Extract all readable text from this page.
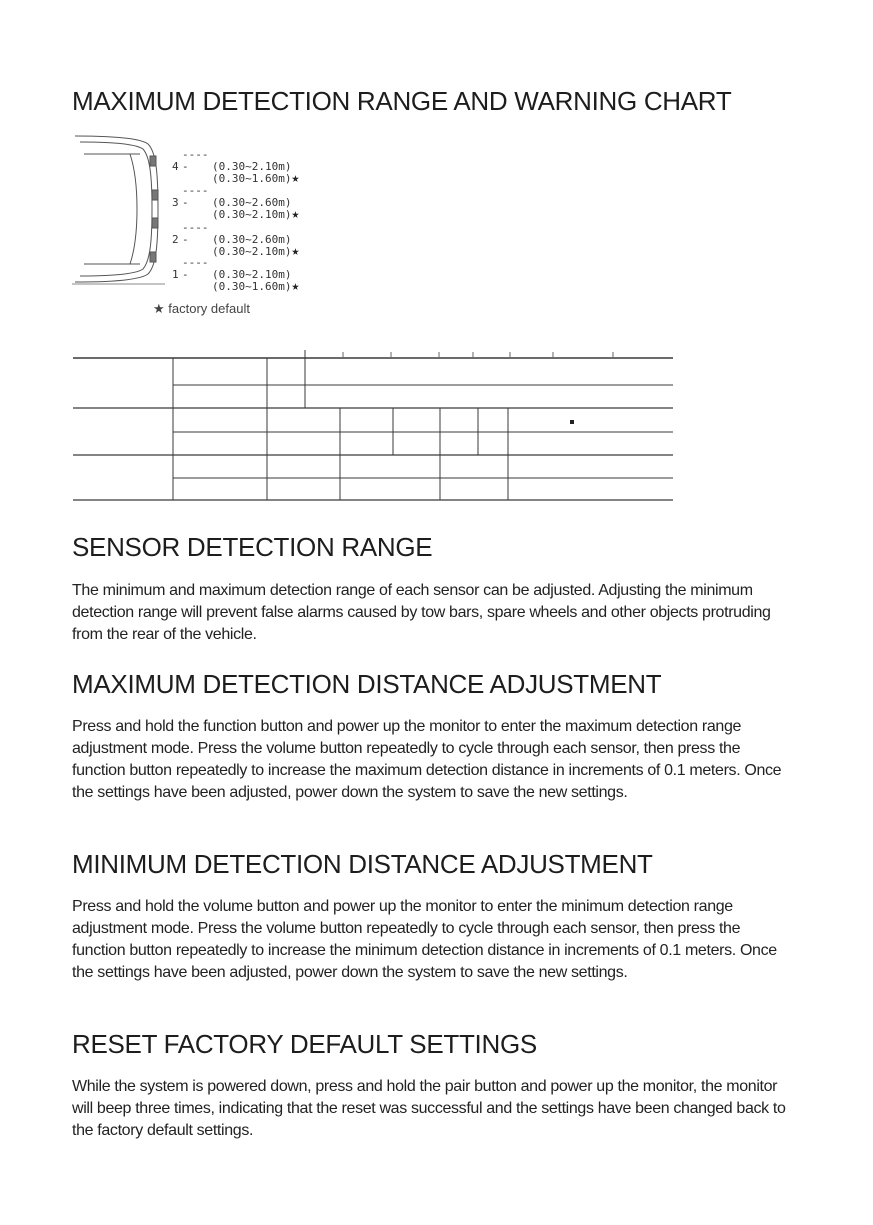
MAXIMUM DETECTION RANGE AND WARNING CHART
4----- (0.30~2.10m)
(0.30~1.60m)★
3----- (0.30~2.60m)
(0.30~2.10m)★
2----- (0.30~2.60m)
(0.30~2.10m)★
1----- (0.30~2.10m)
(0.30~1.60m)★
★ factory default
SENSOR DETECTION RANGE

The minimum and maximum detection range of each sensor can be adjusted. Adjusting the minimum detection range will prevent false alarms caused by tow bars, spare wheels and other objects protruding from the rear of the vehicle.

MAXIMUM DETECTION DISTANCE ADJUSTMENT

Press and hold the function button and power up the monitor to enter the maximum detection range adjustment mode. Press the volume button repeatedly to cycle through each sensor, then press the function button repeatedly to increase the maximum detection distance in increments of 0.1 meters. Once the settings have been adjusted, power down the system to save the new settings.

MINIMUM DETECTION DISTANCE ADJUSTMENT

Press and hold the volume button and power up the monitor to enter the minimum detection range adjustment mode. Press the volume button repeatedly to cycle through each sensor, then press the function button repeatedly to increase the minimum detection distance in increments of 0.1 meters. Once the settings have been adjusted, power down the system to save the new settings.

RESET FACTORY DEFAULT SETTINGS

While the system is powered down, press and hold the pair button and power up the monitor, the monitor will beep three times, indicating that the reset was successful and the settings have been changed back to the factory default settings.
